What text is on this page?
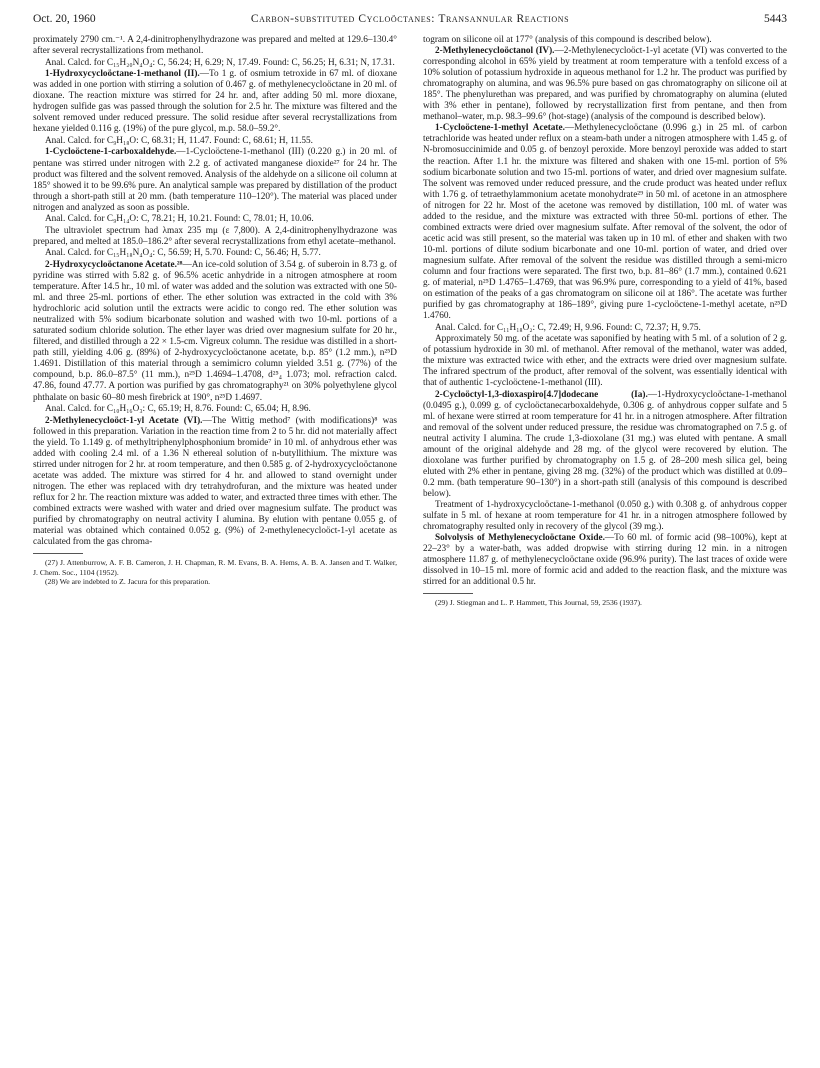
Oct. 20, 1960	Carbon-substituted Cycloöctanes: Transannular Reactions	5443

proximately 2790 cm.⁻¹. A 2,4-dinitrophenylhydrazone was prepared and melted at 129.6–130.4° after several recrystallizations from methanol.

Anal. Calcd. for C₁₅H₂₀N₄O₄: C, 56.24; H, 6.29; N, 17.49. Found: C, 56.25; H, 6.31; N, 17.31.

1-Hydroxycycloöctane-1-methanol (II).—To 1 g. of osmium tetroxide in 67 ml. of dioxane was added in one portion with stirring a solution of 0.467 g. of methylenecycloöctane in 20 ml. of dioxane. The reaction mixture was stirred for 24 hr. and, after adding 50 ml. more dioxane, hydrogen sulfide gas was passed through the solution for 2.5 hr. The mixture was filtered and the solvent removed under reduced pressure. The solid residue after several recrystallizations from hexane yielded 0.116 g. (19%) of the pure glycol, m.p. 58.0–59.2°.

Anal. Calcd. for C₉H₁₈O: C, 68.31; H, 11.47. Found: C, 68.61; H, 11.55.

1-Cycloöctene-1-carboxaldehyde.—1-Cycloöctene-1-methanol (III) (0.220 g.) in 20 ml. of pentane was stirred under nitrogen with 2.2 g. of activated manganese dioxide²⁷ for 24 hr. The product was filtered and the solvent removed. Analysis of the aldehyde on a silicone oil column at 185° showed it to be 99.6% pure. An analytical sample was prepared by distillation of the product through a short-path still at 20 mm. (bath temperature 110–120°). The material was placed under nitrogen and analyzed as soon as possible.

Anal. Calcd. for C₉H₁₄O: C, 78.21; H, 10.21. Found: C, 78.01; H, 10.06.

The ultraviolet spectrum had λmax 235 mμ (ε 7,800). A 2,4-dinitrophenylhydrazone was prepared, and melted at 185.0–186.2° after several recrystallizations from ethyl acetate–methanol.

Anal. Calcd. for C₁₅H₁₈N₄O₄: C, 56.59; H, 5.70. Found: C, 56.46; H, 5.77.

2-Hydroxycycloöctanone Acetate.²⁸—An ice-cold solution of 3.54 g. of suberoin in 8.73 g. of pyridine was stirred with 5.82 g. of 96.5% acetic anhydride in a nitrogen atmosphere at room temperature. After 14.5 hr., 10 ml. of water was added and the solution was extracted with one 50-ml. and three 25-ml. portions of ether. The ether solution was extracted in the cold with 3% hydrochloric acid solution until the extracts were acidic to congo red. The ether solution was neutralized with 5% sodium bicarbonate solution and washed with two 10-ml. portions of a saturated sodium chloride solution. The ether layer was dried over magnesium sulfate for 20 hr., filtered, and distilled through a 22 × 1.5-cm. Vigreux column. The residue was distilled in a short-path still, yielding 4.06 g. (89%) of 2-hydroxycycloöctanone acetate, b.p. 85° (1.2 mm.), n²⁵D 1.4691. Distillation of this material through a semimicro column yielded 3.51 g. (77%) of the compound, b.p. 86.0–87.5° (11 mm.), n²⁵D 1.4694–1.4708, d²⁵₄ 1.073; mol. refraction calcd. 47.86, found 47.77. A portion was purified by gas chromatography²¹ on 30% polyethylene glycol phthalate on basic 60–80 mesh firebrick at 190°, n²⁵D 1.4697.

Anal. Calcd. for C₁₀H₁₆O₃: C, 65.19; H, 8.76. Found: C, 65.04; H, 8.96.

2-Methylenecycloöct-1-yl Acetate (VI).—The Wittig method⁷ (with modifications)⁸ was followed in this preparation. Variation in the reaction time from 2 to 5 hr. did not materially affect the yield. To 1.149 g. of methyltriphenylphosphonium bromide⁷ in 10 ml. of anhydrous ether was added with cooling 2.4 ml. of a 1.36 N ethereal solution of n-butyllithium. The mixture was stirred under nitrogen for 2 hr. at room temperature, and then 0.585 g. of 2-hydroxycycloöctanone acetate was added. The mixture was stirred for 4 hr. and allowed to stand overnight under nitrogen. The ether was replaced with dry tetrahydrofuran, and the mixture was heated under reflux for 2 hr. The reaction mixture was added to water, and extracted three times with ether. The combined extracts were washed with water and dried over magnesium sulfate. The product was purified by chromatography on neutral activity I alumina. By elution with pentane 0.055 g. of material was obtained which contained 0.052 g. (9%) of 2-methylenecycloöct-1-yl acetate as calculated from the gas chroma-

(27) J. Attenburrow, A. F. B. Cameron, J. H. Chapman, R. M. Evans, B. A. Hems, A. B. A. Jansen and T. Walker, J. Chem. Soc., 1104 (1952).

(28) We are indebted to Z. Jacura for this preparation.

togram on silicone oil at 177° (analysis of this compound is described below).

2-Methylenecycloöctanol (IV).—2-Methylenecycloöct-1-yl acetate (VI) was converted to the corresponding alcohol in 65% yield by treatment at room temperature with a tenfold excess of a 10% solution of potassium hydroxide in aqueous methanol for 1.2 hr. The product was purified by chromatography on alumina, and was 96.5% pure based on gas chromatography on silicone oil at 185°. The phenylurethan was prepared, and was purified by chromatography on alumina (eluted with 3% ether in pentane), followed by recrystallization first from pentane, and then from methanol–water, m.p. 98.3–99.6° (hot-stage) (analysis of the compound is described below).

1-Cycloöctene-1-methyl Acetate.—Methylenecycloöctane (0.996 g.) in 25 ml. of carbon tetrachloride was heated under reflux on a steam-bath under a nitrogen atmosphere with 1.45 g. of N-bromosuccinimide and 0.05 g. of benzoyl peroxide. More benzoyl peroxide was added to start the reaction. After 1.1 hr. the mixture was filtered and shaken with one 15-ml. portion of 5% sodium bicarbonate solution and two 15-ml. portions of water, and dried over magnesium sulfate. The solvent was removed under reduced pressure, and the crude product was heated under reflux with 1.76 g. of tetraethylammonium acetate monohydrate²⁹ in 50 ml. of acetone in an atmosphere of nitrogen for 22 hr. Most of the acetone was removed by distillation, 100 ml. of water was added to the residue, and the mixture was extracted with three 50-ml. portions of ether. The combined extracts were dried over magnesium sulfate. After removal of the solvent, the odor of acetic acid was still present, so the material was taken up in 10 ml. of ether and shaken with two 10-ml. portions of dilute sodium bicarbonate and one 10-ml. portion of water, and dried over magnesium sulfate. After removal of the solvent the residue was distilled through a semi-micro column and four fractions were separated. The first two, b.p. 81–86° (1.7 mm.), contained 0.621 g. of material, n²⁵D 1.4765–1.4769, that was 96.9% pure, corresponding to a yield of 41%, based on estimation of the peaks of a gas chromatogram on silicone oil at 186°. The acetate was further purified by gas chromatography at 186–189°, giving pure 1-cycloöctene-1-methyl acetate, n²⁵D 1.4760.

Anal. Calcd. for C₁₁H₁₈O₂: C, 72.49; H, 9.96. Found: C, 72.37; H, 9.75.

Approximately 50 mg. of the acetate was saponified by heating with 5 ml. of a solution of 2 g. of potassium hydroxide in 30 ml. of methanol. After removal of the methanol, water was added, the mixture was extracted twice with ether, and the extracts were dried over magnesium sulfate. The infrared spectrum of the product, after removal of the solvent, was essentially identical with that of authentic 1-cycloöctene-1-methanol (III).

2-Cycloöctyl-1,3-dioxaspiro[4.7]dodecane (Ia).—1-Hydroxycycloöctane-1-methanol (0.0495 g.), 0.099 g. of cycloöctanecarboxaldehyde, 0.306 g. of anhydrous copper sulfate and 5 ml. of hexane were stirred at room temperature for 41 hr. in a nitrogen atmosphere. After filtration and removal of the solvent under reduced pressure, the residue was chromatographed on 7.5 g. of neutral activity I alumina. The crude 1,3-dioxolane (31 mg.) was eluted with pentane. A small amount of the original aldehyde and 28 mg. of the glycol were recovered by elution. The dioxolane was further purified by chromatography on 1.5 g. of 28–200 mesh silica gel, being eluted with 2% ether in pentane, giving 28 mg. (32%) of the product which was distilled at 0.09–0.2 mm. (bath temperature 90–130°) in a short-path still (analysis of this compound is described below).

Treatment of 1-hydroxycycloöctane-1-methanol (0.050 g.) with 0.308 g. of anhydrous copper sulfate in 5 ml. of hexane at room temperature for 41 hr. in a nitrogen atmosphere followed by chromatography resulted only in recovery of the glycol (39 mg.).

Solvolysis of Methylenecycloöctane Oxide.—To 60 ml. of formic acid (98–100%), kept at 22–23° by a water-bath, was added dropwise with stirring during 12 min. in a nitrogen atmosphere 11.87 g. of methylenecycloöctane oxide (96.9% purity). The last traces of oxide were dissolved in 10–15 ml. more of formic acid and added to the reaction flask, and the mixture was stirred for an additional 0.5 hr.

(29) J. Stiegman and L. P. Hammett, This Journal, 59, 2536 (1937).
